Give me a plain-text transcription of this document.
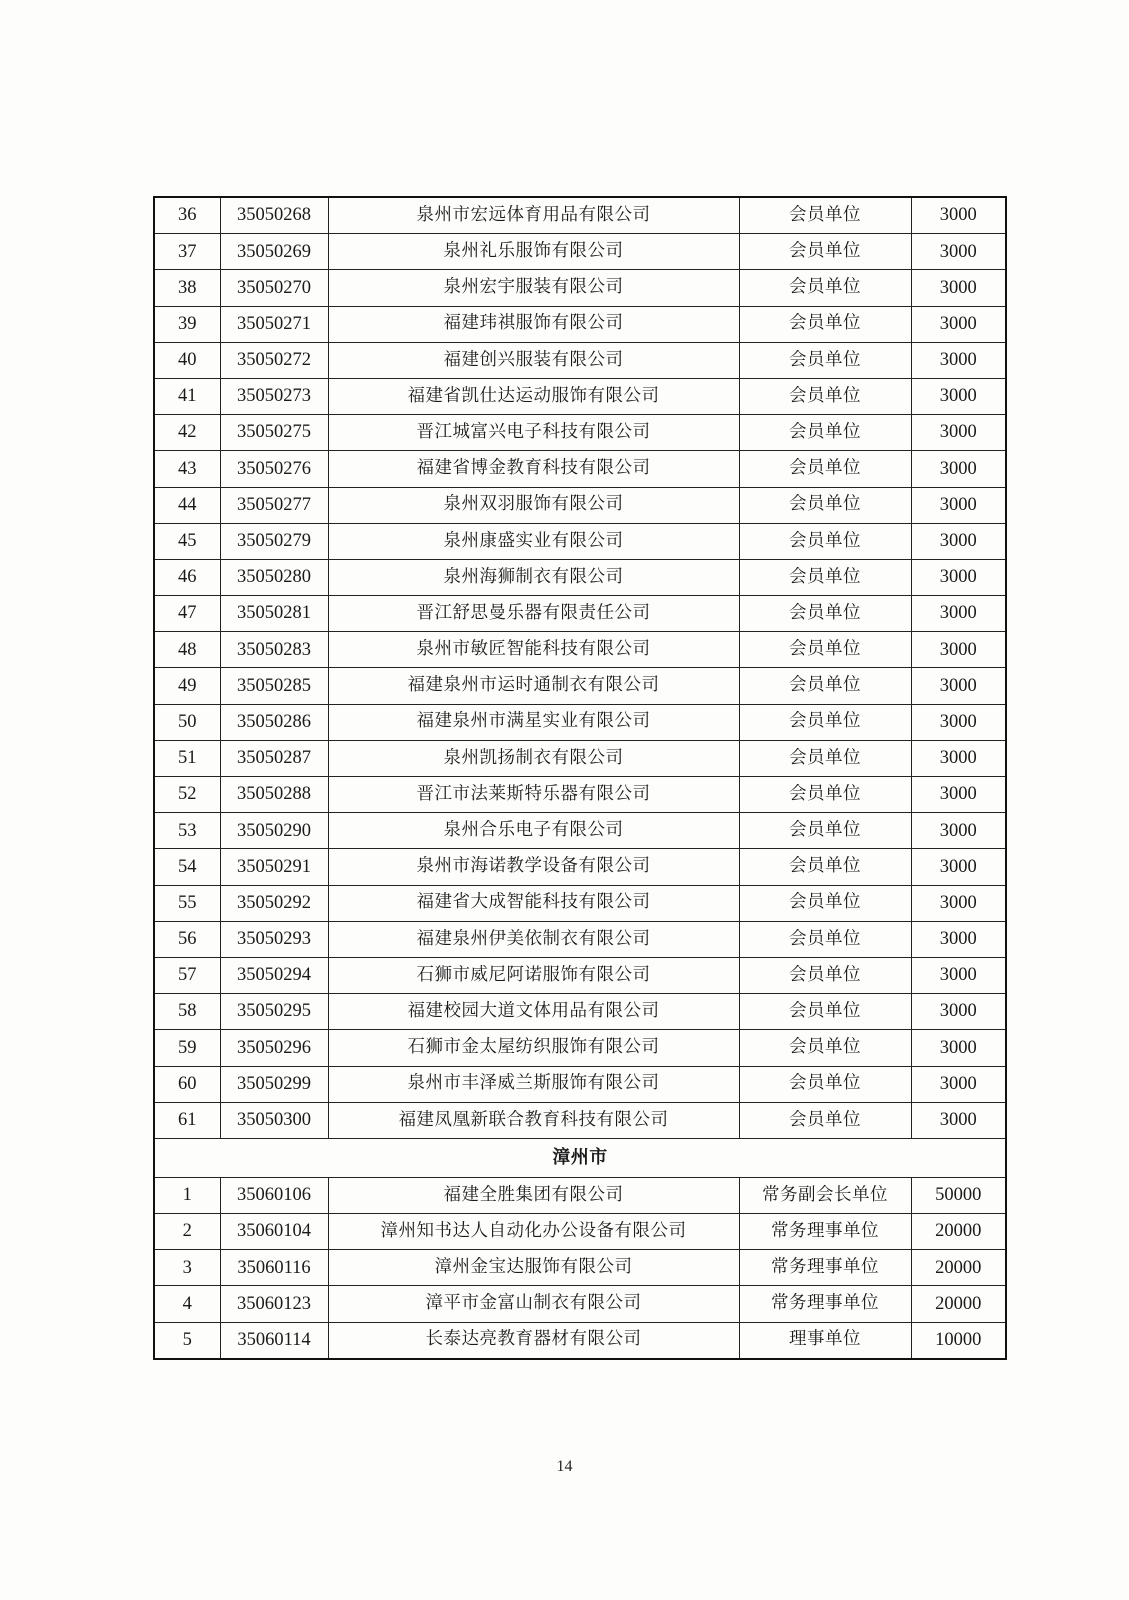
36	35050268	泉州市宏远体育用品有限公司	会员单位	3000
37	35050269	泉州礼乐服饰有限公司	会员单位	3000
38	35050270	泉州宏宇服装有限公司	会员单位	3000
39	35050271	福建玮祺服饰有限公司	会员单位	3000
40	35050272	福建创兴服装有限公司	会员单位	3000
41	35050273	福建省凯仕达运动服饰有限公司	会员单位	3000
42	35050275	晋江城富兴电子科技有限公司	会员单位	3000
43	35050276	福建省博金教育科技有限公司	会员单位	3000
44	35050277	泉州双羽服饰有限公司	会员单位	3000
45	35050279	泉州康盛实业有限公司	会员单位	3000
46	35050280	泉州海狮制衣有限公司	会员单位	3000
47	35050281	晋江舒思曼乐器有限责任公司	会员单位	3000
48	35050283	泉州市敏匠智能科技有限公司	会员单位	3000
49	35050285	福建泉州市运时通制衣有限公司	会员单位	3000
50	35050286	福建泉州市满星实业有限公司	会员单位	3000
51	35050287	泉州凯扬制衣有限公司	会员单位	3000
52	35050288	晋江市法莱斯特乐器有限公司	会员单位	3000
53	35050290	泉州合乐电子有限公司	会员单位	3000
54	35050291	泉州市海诺教学设备有限公司	会员单位	3000
55	35050292	福建省大成智能科技有限公司	会员单位	3000
56	35050293	福建泉州伊美依制衣有限公司	会员单位	3000
57	35050294	石狮市威尼阿诺服饰有限公司	会员单位	3000
58	35050295	福建校园大道文体用品有限公司	会员单位	3000
59	35050296	石狮市金太屋纺织服饰有限公司	会员单位	3000
60	35050299	泉州市丰泽威兰斯服饰有限公司	会员单位	3000
61	35050300	福建凤凰新联合教育科技有限公司	会员单位	3000
漳州市				
1	35060106	福建全胜集团有限公司	常务副会长单位	50000
2	35060104	漳州知书达人自动化办公设备有限公司	常务理事单位	20000
3	35060116	漳州金宝达服饰有限公司	常务理事单位	20000
4	35060123	漳平市金富山制衣有限公司	常务理事单位	20000
5	35060114	长泰达亮教育器材有限公司	理事单位	10000
14
